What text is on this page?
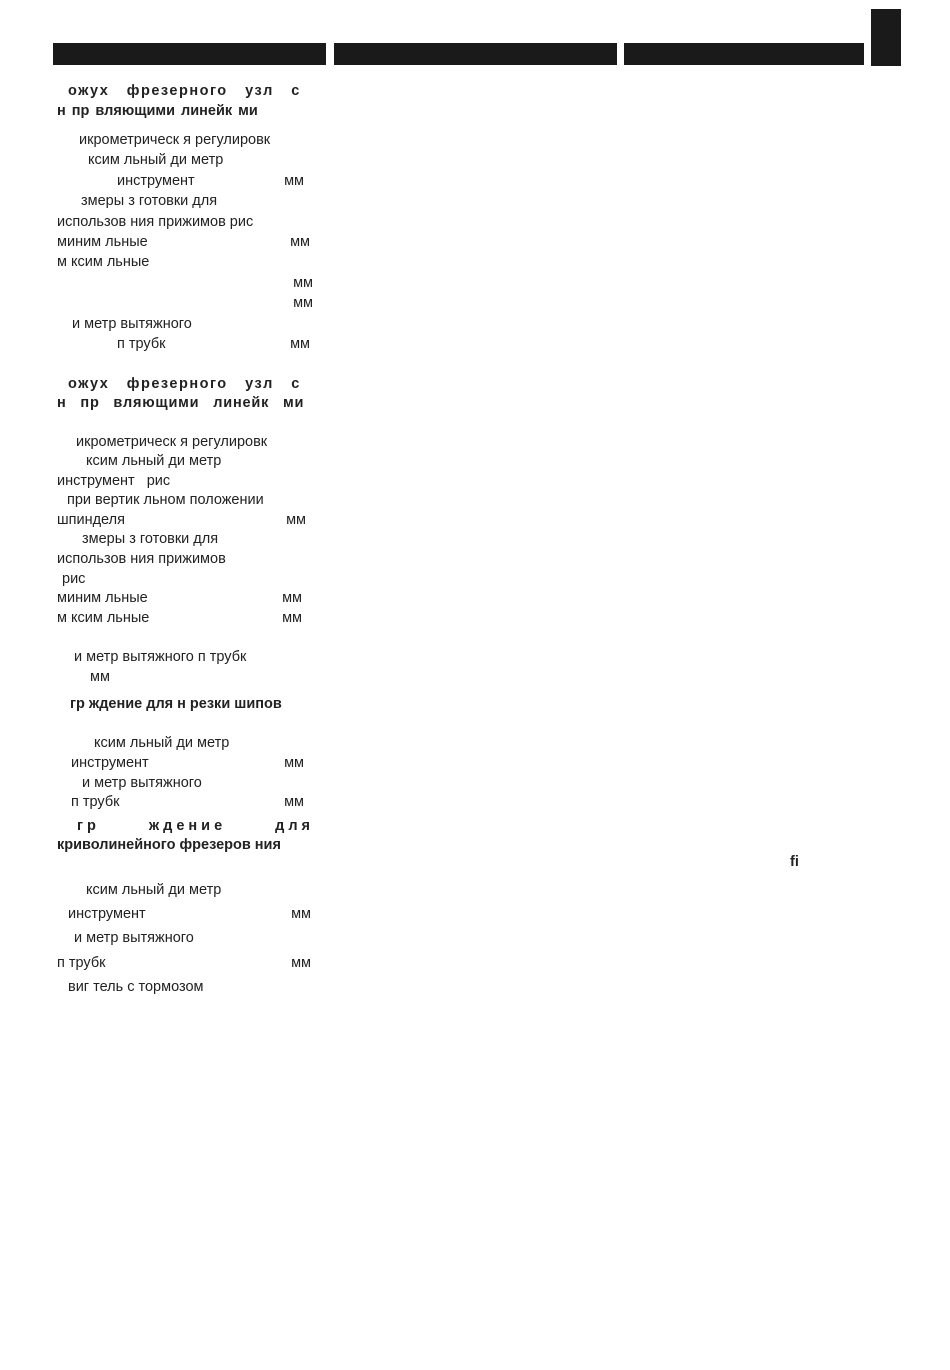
ожух фрезерного узл с
н пр вляющими линейк ми
икрометрическ я регулировк
ксим льный ди метр
инструмент	мм
змеры з готовки для
использов ния прижимов рис
миним льные	мм
м ксим льные
мм
мм
и метр вытяжного
п трубк	мм
ожух фрезерного узл с
н пр вляющими линейк ми
икрометрическ я регулировк
ксим льный ди метр
инструмент рис
при вертик льном положении
шпинделя	мм
змеры з готовки для
использов ния прижимов
рис
миним льные	мм
м ксим льные	мм
и метр вытяжного п трубк
мм
гр ждение для н резки шипов
ксим льный ди метр
инструмент	мм
и метр вытяжного
п трубк	мм
гр ждение для
криволинейного фрезеров ния
ксим льный ди метр
инструмент	мм
и метр вытяжного
п трубк	мм
виг тель с тормозом
fi
